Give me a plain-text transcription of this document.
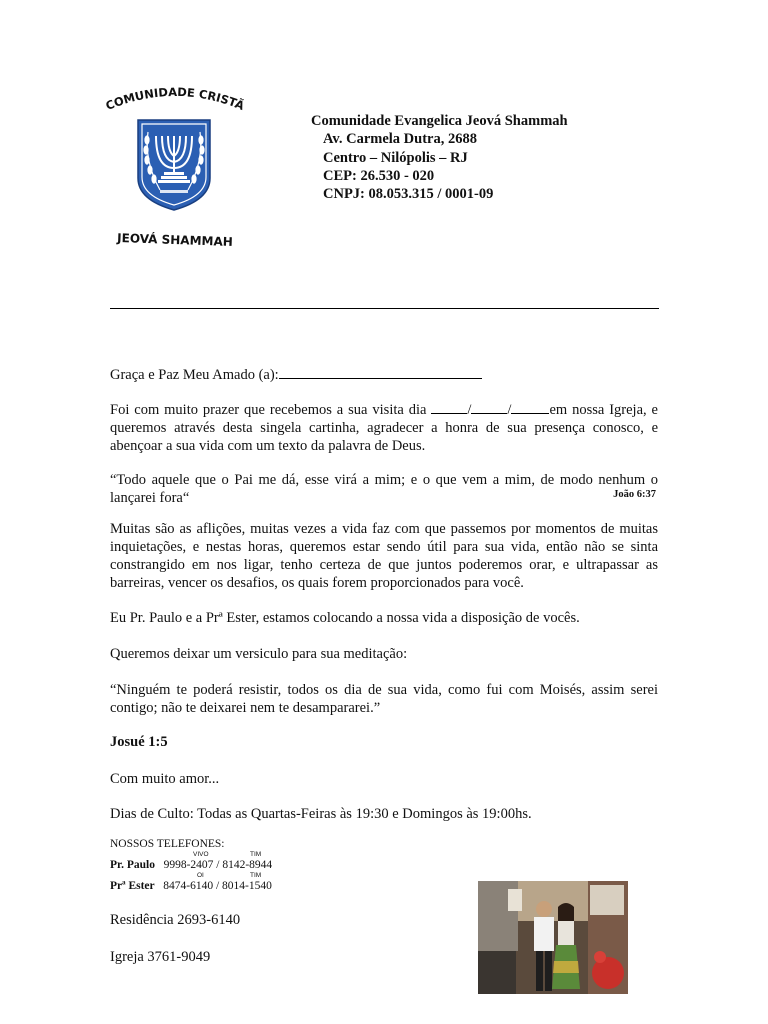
COMUNIDADE CRISTÃ
JEOVÁ SHAMMAH
Comunidade Evangelica Jeová Shammah
Av. Carmela Dutra, 2688
Centro – Nilópolis – RJ
CEP: 26.530 - 020
CNPJ: 08.053.315 / 0001-09
Graça e Paz Meu Amado (a):

Foi com muito prazer que recebemos a sua visita dia / /	em nossa Igreja, e queremos através desta singela cartinha, agradecer a honra de sua presença conosco, e abençoar a sua vida com um texto da palavra de Deus.

“Todo aquele que o Pai me dá, esse virá a mim; e o que vem a mim, de modo nenhum o lançarei fora“	João 6:37

Muitas são as aflições, muitas vezes a vida faz com que passemos por momentos de muitas inquietações, e nestas horas, queremos estar sendo útil para sua vida, então não se sinta constrangido em nos ligar, tenho certeza de que juntos poderemos orar, e ultrapassar as barreiras, vencer os desafios, os quais forem proporcionados para você.

Eu Pr. Paulo e a Prª Ester, estamos colocando a nossa vida a disposição de vocês.

Queremos deixar um versiculo para sua meditação:

“Ninguém te poderá resistir, todos os dia de sua vida, como fui com Moisés, assim serei contigo; não te deixarei nem te desampararei.”

Josué 1:5
Com muito amor...
Dias de Culto: Todas as Quartas-Feiras às 19:30 e Domingos às 19:00hs.
NOSSOS TELEFONES:
VIVO	TIM
Pr. Paulo 9998-2407 / 8142-8944
OI	TIM
Prª Ester 8474-6140 / 8014-1540
Residência 2693-6140
Igreja 3761-9049
